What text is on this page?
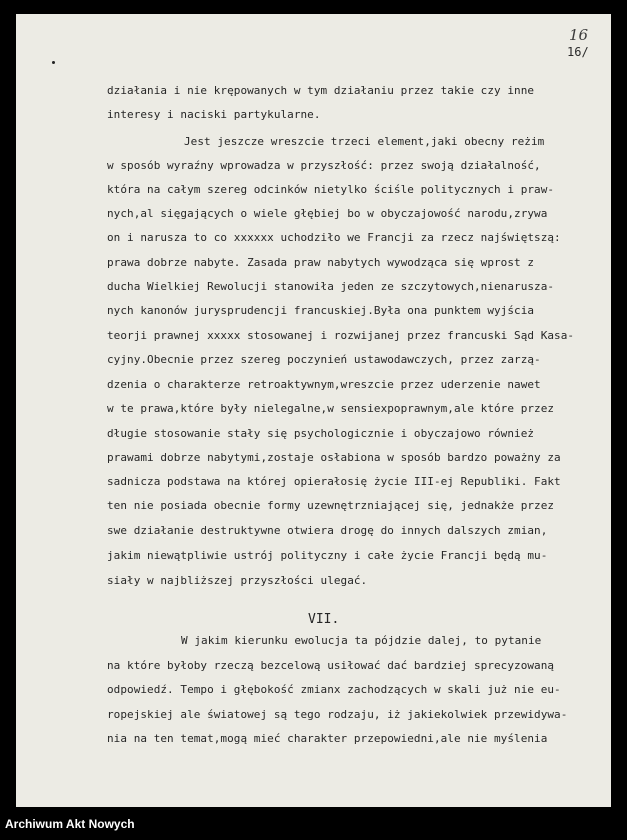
16
16/
działania i nie krępowanych w tym działaniu przez takie czy inne
interesy i naciski partykularne.
Jest jeszcze wreszcie trzeci element,jaki obecny reżim
w sposób wyraźny wprowadza w przyszłość: przez swoją działalność,
która na całym szereg odcinków nietylko ściśle politycznych i praw-
nych,al sięgających o wiele głębiej bo w obyczajowość narodu,zrywa
on i narusza to co xxxxxx uchodziło we Francji za rzecz najświętszą:
prawa dobrze nabyte. Zasada praw nabytych wywodząca się wprost z
ducha Wielkiej Rewolucji stanowiła jeden ze szczytowych,nienarusza-
nych kanonów jurysprudencji francuskiej.Była ona punktem wyjścia
teorji prawnej xxxxx stosowanej i rozwijanej przez francuski Sąd Kasa-
cyjny.Obecnie przez szereg poczynień ustawodawczych, przez zarzą-
dzenia o charakterze retroaktywnym,wreszcie przez uderzenie nawet
w te prawa,które były nielegalne,w sensiexpoprawnym,ale które przez
długie stosowanie stały się psychologicznie i obyczajowo również
prawami dobrze nabytymi,zostaje osłabiona w sposób bardzo poważny za
sadnicza podstawa na której opierałosię życie III-ej Republiki. Fakt
ten nie posiada obecnie formy uzewnętrzniającej się, jednakże przez
swe działanie destruktywne otwiera drogę do innych dalszych zmian,
jakim niewątpliwie ustrój polityczny i całe życie Francji będą mu-
siały w najbliższej przyszłości ulegać.
VII.
W jakim kierunku ewolucja ta pójdzie dalej, to pytanie
na które byłoby rzeczą bezcelową usiłować dać bardziej sprecyzowaną
odpowiedź. Tempo i głębokość zmianx zachodzących w skali już nie eu-
ropejskiej ale światowej są tego rodzaju, iż jakiekolwiek przewidywa-
nia na ten temat,mogą mieć charakter przepowiedni,ale nie myślenia
Archiwum Akt Nowych
